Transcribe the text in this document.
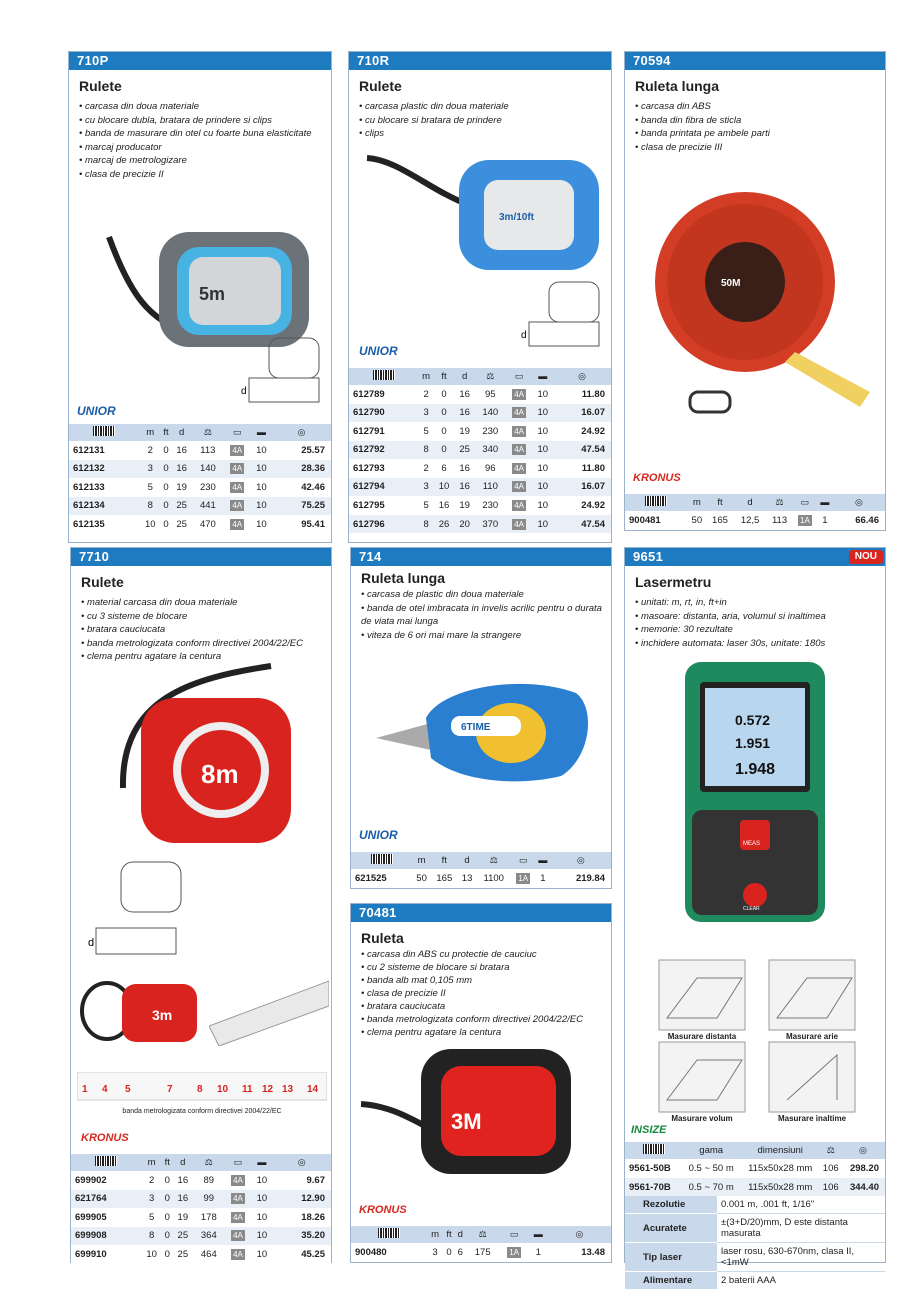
710P
Rulete
• carcasa din doua materiale
• cu blocare dubla, bratara de prindere si clips
• banda de masurare din otel cu foarte buna elasticitate
• marcaj producator
• marcaj de metrologizare
• clasa de precizie II
5m
d
UNIOR
	m	ft	d	⚖	▭	▬	◎
612131	2	0	16	113	4A	10	25.57
612132	3	0	16	140	4A	10	28.36
612133	5	0	19	230	4A	10	42.46
612134	8	0	25	441	4A	10	75.25
612135	10	0	25	470	4A	10	95.41
710R
Rulete
• carcasa plastic din doua materiale
• cu blocare si bratara de prindere
• clips
3m/10ft
d
UNIOR
	m	ft	d	⚖	▭	▬	◎
612789	2	0	16	95	4A	10	11.80
612790	3	0	16	140	4A	10	16.07
612791	5	0	19	230	4A	10	24.92
612792	8	0	25	340	4A	10	47.54
612793	2	6	16	96	4A	10	11.80
612794	3	10	16	110	4A	10	16.07
612795	5	16	19	230	4A	10	24.92
612796	8	26	20	370	4A	10	47.54
70594
Ruleta lunga
• carcasa din ABS
• banda din fibra de sticla
• banda printata pe ambele parti
• clasa de precizie III
50M
KRONUS
	m	ft	d	⚖	▭	▬	◎
900481	50	165	12,5	113	1A	1	66.46
7710
Rulete
• material carcasa din doua materiale
• cu 3 sisteme de blocare
• bratara cauciucata
• banda metrologizata conform directivei 2004/22/EC
• clema pentru agatare la centura
8m
d
3m
1 4 5	7 8 10 11 12 13 14
banda metrologizata conform directivei 2004/22/EC
KRONUS
	m	ft	d	⚖	▭	▬	◎
699902	2	0	16	89	4A	10	9.67
621764	3	0	16	99	4A	10	12.90
699905	5	0	19	178	4A	10	18.26
699908	8	0	25	364	4A	10	35.20
699910	10	0	25	464	4A	10	45.25
714
Ruleta lunga
• carcasa de plastic din doua materiale
• banda de otel imbracata in invelis acrilic pentru o durata de viata mai lunga
• viteza de 6 ori mai mare la strangere
6TIME
UNIOR
	m	ft	d	⚖	▭	▬	◎
621525	50	165	13	1100	1A	1	219.84
70481
Ruleta
• carcasa din ABS cu protectie de cauciuc
• cu 2 sisteme de blocare si bratara
• banda alb mat 0,105 mm
• clasa de precizie II
• bratara cauciucata
• banda metrologizata conform directivei 2004/22/EC
• clema pentru agatare la centura
3M
KRONUS
	m	ft	d	⚖	▭	▬	◎
900480	3	0	6	175	1A	1	13.48
9651	NOU
Lasermetru
• unitati: m, rt, in, ft+in
• masoare: distanta, aria, volumul si inaltimea
• memorie: 30 rezultate
• inchidere automata: laser 30s, unitate: 180s
0.572
1.951
1.948
MEAS
CLEAR
Masurare distanta	Masurare arie
Masurare volum	Masurare inaltime
INSIZE
	gama	dimensiuni	⚖	◎
9561-50B	0.5 ~ 50 m	115x50x28 mm	106	298.20
9561-70B	0.5 ~ 70 m	115x50x28 mm	106	344.40
Rezolutie	0.001 m, .001 ft, 1/16"
Acuratete	±(3+D/20)mm, D este distanta masurata
Tip laser	laser rosu, 630-670nm, clasa II, <1mW
Alimentare	2 baterii AAA
